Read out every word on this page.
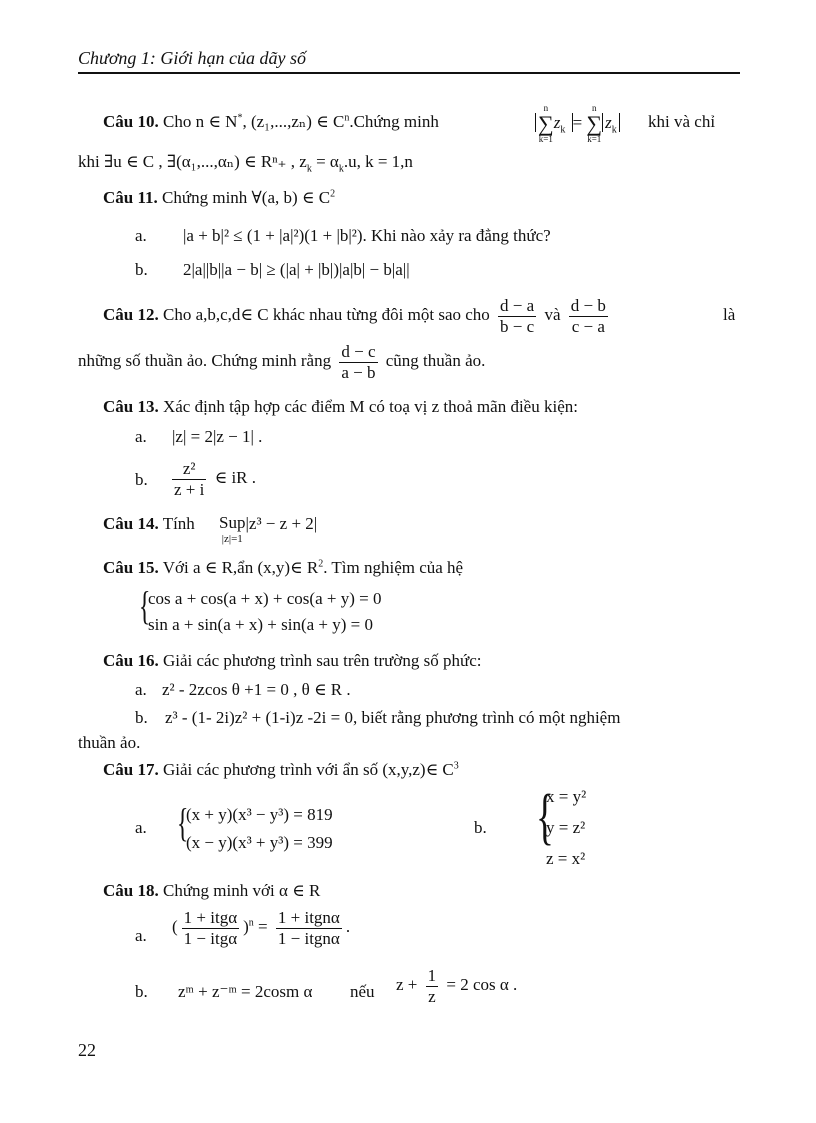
Chương 1: Giới hạn của dãy số
Câu 10. Cho n ∈ N*, (z₁,...,zₙ) ∈ $C^n.Chứng$ minh
n
∑
k=1
$z_k$ =
n
∑
k=1
$z_k$ khi và chỉ
khi ∃u ∈ C , ∃(α₁,...,αₙ) ∈ Rⁿ₊ , $z_k = \alpha_k.u$, k = 1,n
Câu 11. Chứng minh ∀(a, b) ∈ $C^2$
a. |a + b|² ≤ (1 + |a|²)(1 + |b|²). Khi nào xảy ra đẳng thức?
b. 2|a||b||a − b| ≥ (|a| + |b|)|a|b| − b|a||
Câu 12. Cho a,b,c,d∈ C khác nhau từng đôi một sao cho $\frac{d - a}{b - c}$ và $\frac{d - b}{c - a}$	là
những số thuần ảo. Chứng minh rằng $\frac{d - c}{a - b}$ cũng thuần ảo.
Câu 13. Xác định tập hợp các điểm M có toạ vị z thoả mãn điều kiện:
a. |z| = 2|z − 1| .
b. $\frac{\text{z²}}{z + i}$ ∈ iR .
Câu 14. Tính Sup
|z|=1
|z³ − z + 2|
Câu 15. Với a ∈ R,ẩn (x,y)∈ $R^2$. Tìm nghiệm của hệ
{
cos a + cos(a + x) + cos(a + y) = 0
sin a + sin(a + x) + sin(a + y) = 0
Câu 16. Giải các phương trình sau trên trường số phức:
a. z² - 2zcos θ +1 = 0 , θ ∈ R .
b. z³ - (1- 2i)z² + (1-i)z -2i = 0, biết rằng phương trình có một nghiệm
thuần ảo.
Câu 17. Giải các phương trình với ẩn số (x,y,z)∈ $C^3$
a. {
(x + y)(x³ − y³) = 819
(x − y)(x³ + y³) = 399
b. {
x = y²
y = z²
z = x²
Câu 18. Chứng minh với α ∈ R
a. ( $\frac{\text{1 + itgα}}{\text{1 − itgα}} )^n = \frac{\text{1 + itgnα}}{\text{1 − itgnα}}$ .
b. zᵐ + z⁻ᵐ = 2cosm α nếu $z + \frac{1}{z} = 2$ cos α .
22
